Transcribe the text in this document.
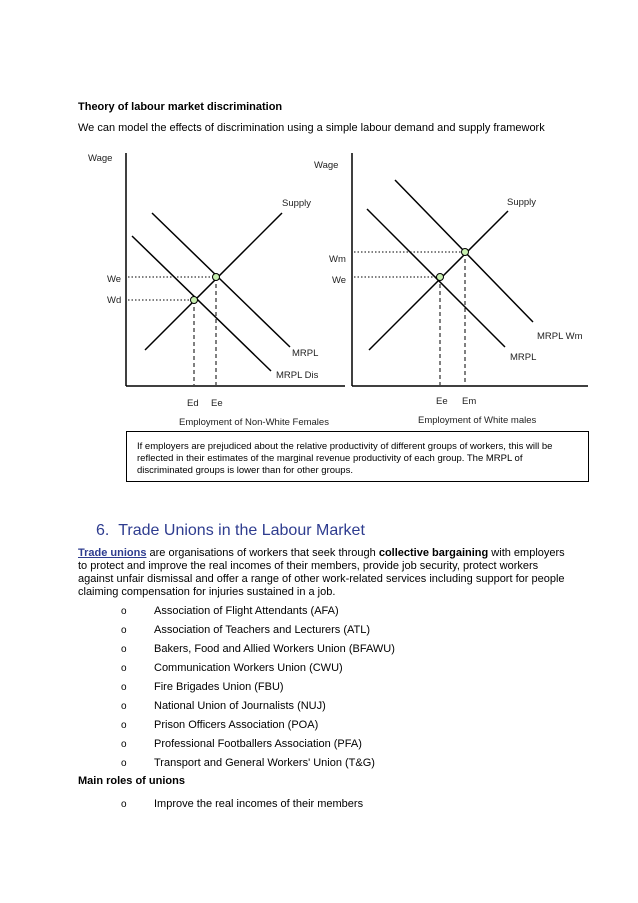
Theory of labour market discrimination
We can model the effects of discrimination using a simple labour demand and supply framework
Wage
Supply
We
Wd
MRPL
MRPL Dis
Ed Ee
Employment of Non-White Females
Wage
Supply
Wm
We
MRPL Wm
MRPL
Ee Em
Employment of White males
If employers are prejudiced about the relative productivity of different groups of workers, this will be reflected in their estimates of the marginal revenue productivity of each group. The MRPL of discriminated groups is lower than for other groups.
6. Trade Unions in the Labour Market
Trade unions are organisations of workers that seek through collective bargaining with employers
to protect and improve the real incomes of their members, provide job security, protect workers
against unfair dismissal and offer a range of other work-related services including support for people
claiming compensation for injuries sustained in a job.
o Association of Flight Attendants (AFA)
o Association of Teachers and Lecturers (ATL)
o Bakers, Food and Allied Workers Union (BFAWU)
o Communication Workers Union (CWU)
o Fire Brigades Union (FBU)
o National Union of Journalists (NUJ)
o Prison Officers Association (POA)
o Professional Footballers Association (PFA)
o Transport and General Workers' Union (T&G)
Main roles of unions
o Improve the real incomes of their members
